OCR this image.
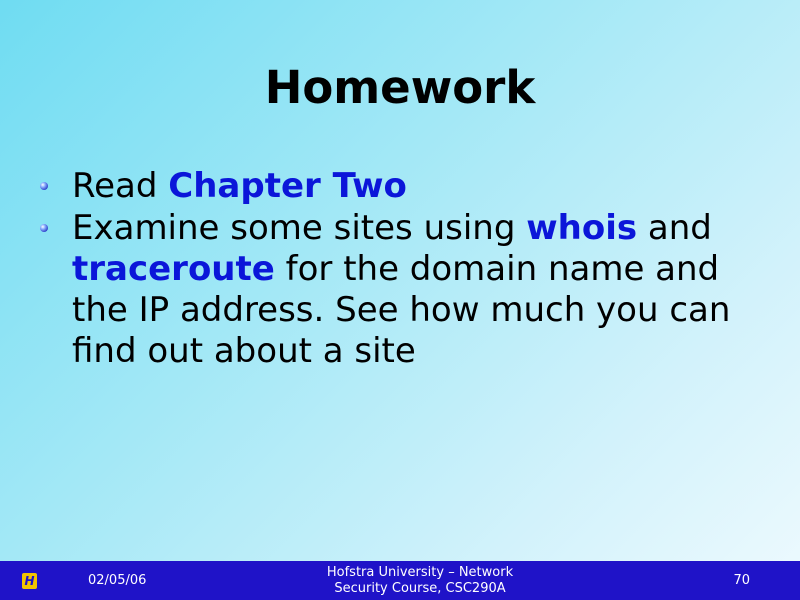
Homework
Read Chapter Two
Examine some sites using whois and traceroute for the domain name and the IP address. See how much you can find out about a site
H	02/05/06
Hofstra University – Network
Security Course, CSC290A
70
